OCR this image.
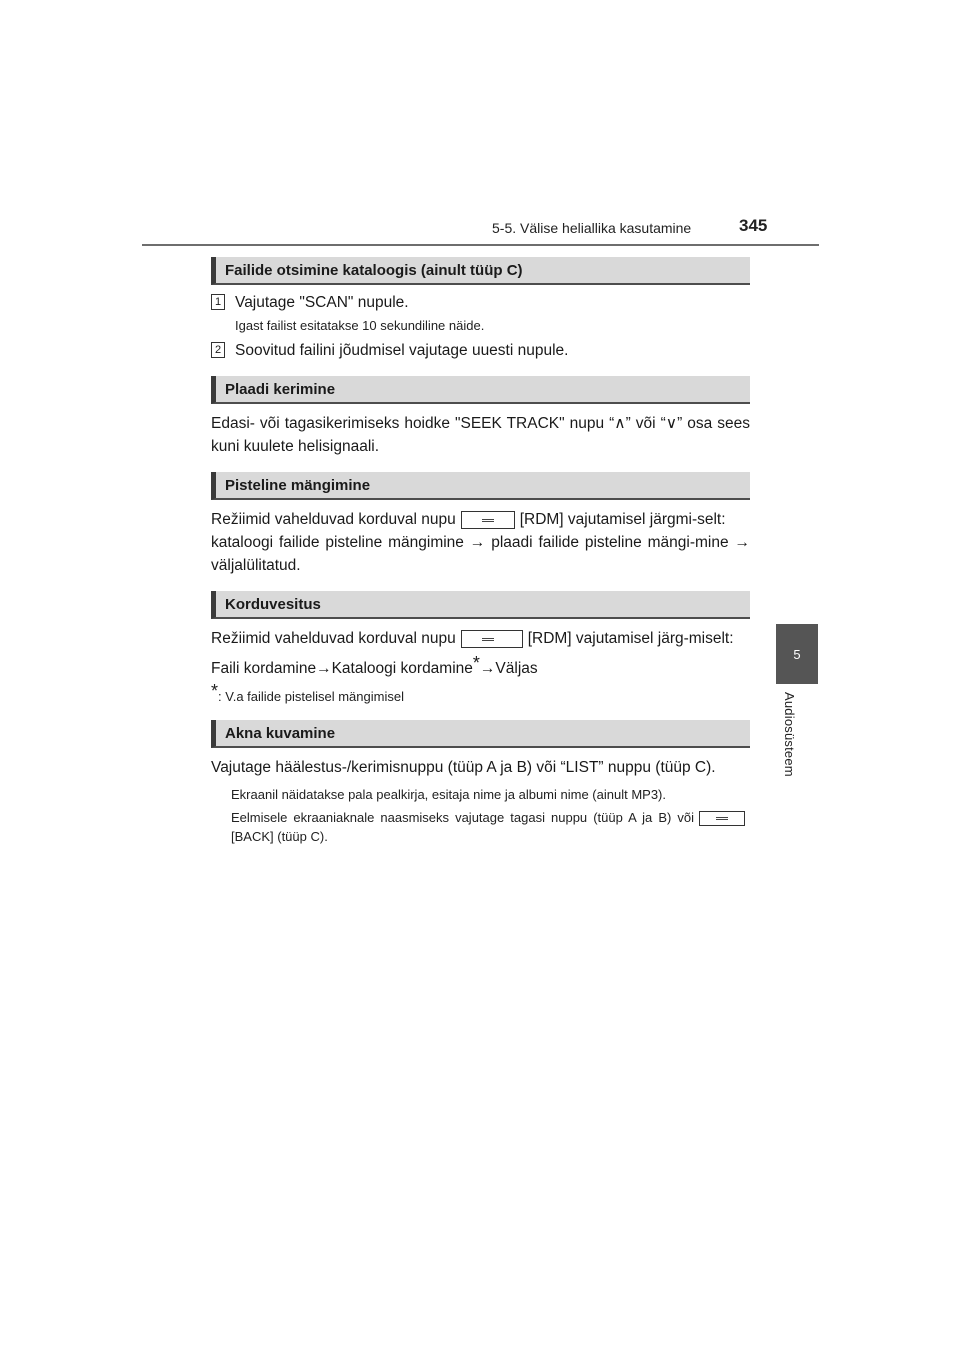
5-5. Välise heliallika kasutamine	345
5
Audiosüsteem
Failide otsimine kataloogis (ainult tüüp C)
1 Vajutage "SCAN" nupule.
Igast failist esitatakse 10 sekundiline näide.
2 Soovitud failini jõudmisel vajutage uuesti nupule.
Plaadi kerimine
Edasi- või tagasikerimiseks hoidke "SEEK TRACK" nupu “∧” või “∨” osa sees kuni kuulete helisignaali.
Pisteline mängimine
Režiimid vahelduvad korduval nupu	[RDM] vajutamisel järgmi-selt:
kataloogi failide pisteline mängimine → plaadi failide pisteline mängi-mine → väljalülitatud.
Korduvesitus
Režiimid vahelduvad korduval nupu	[RDM] vajutamisel järg-miselt:
Faili kordamine→Kataloogi kordamine*→Väljas
*: V.a failide pistelisel mängimisel
Akna kuvamine
Vajutage häälestus-/kerimisnuppu (tüüp A ja B) või “LIST” nuppu (tüüp C).
Ekraanil näidatakse pala pealkirja, esitaja nime ja albumi nime (ainult MP3).
Eelmisele ekraaniaknale naasmiseks vajutage tagasi nuppu (tüüp A ja B) või[BACK] (tüüp C).
